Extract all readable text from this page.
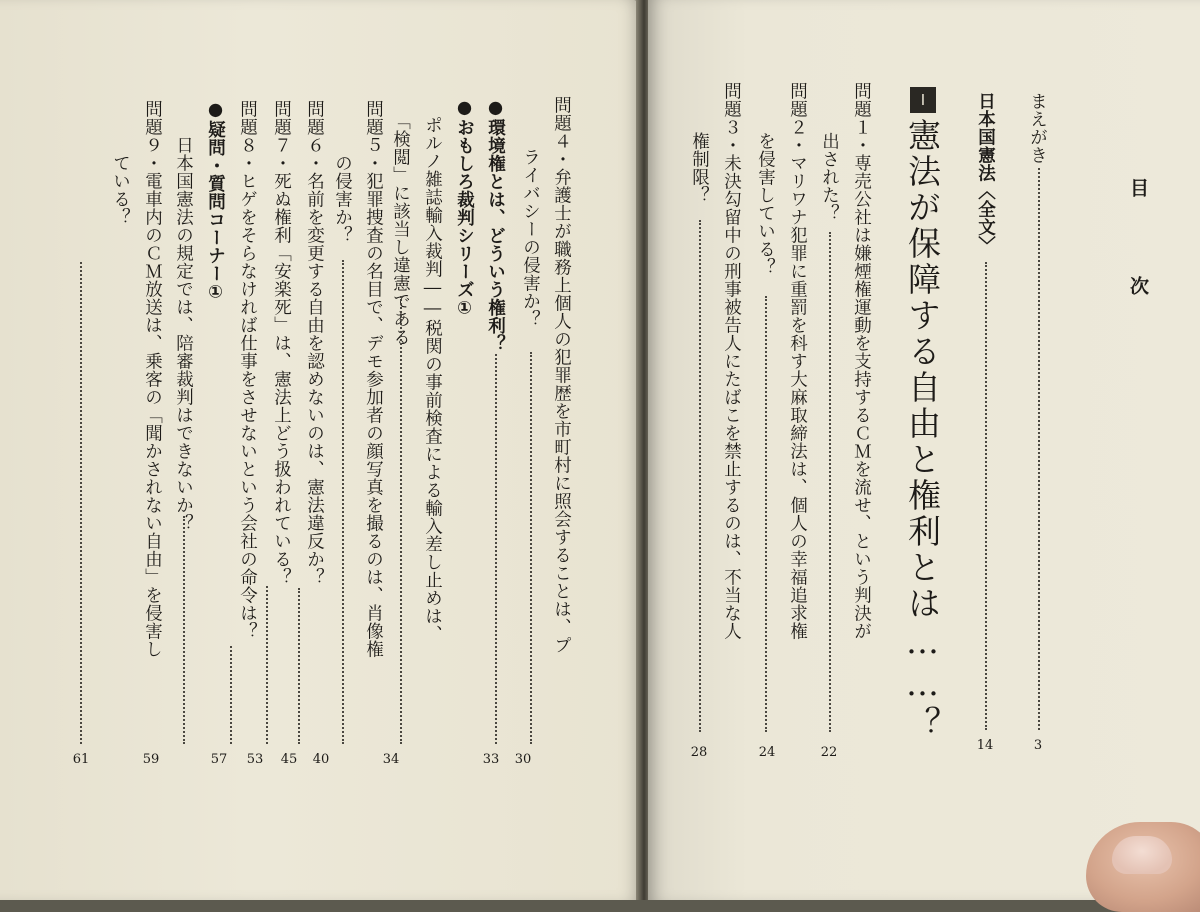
目　次
まえがき
3
日本国憲法〈全文〉
14
Ⅰ
憲法が保障する自由と権利とは……？
問題１・専売公社は嫌煙権運動を支持するＣＭを流せ、という判決が
出された？
22
問題２・マリワナ犯罪に重罰を科す大麻取締法は、個人の幸福追求権
を侵害している？
24
問題３・未決勾留中の刑事被告人にたばこを禁止するのは、不当な人
権制限？
28
問題４・弁護士が職務上個人の犯罪歴を市町村に照会することは、プ
ライバシーの侵害か？
30
●環境権とは、どういう権利？
33
●おもしろ裁判シリーズ①
ポルノ雑誌輸入裁判――税関の事前検査による輸入差し止めは、
「検閲」に該当し違憲である
34
問題５・犯罪捜査の名目で、デモ参加者の顔写真を撮るのは、肖像権
の侵害か？
40
問題６・名前を変更する自由を認めないのは、憲法違反か？
45
問題７・死ぬ権利「安楽死」は、憲法上どう扱われている？
53
問題８・ヒゲをそらなければ仕事をさせないという会社の命令は？
57
●疑問・質問コーナー①
日本国憲法の規定では、陪審裁判はできないか？
59
問題９・電車内のＣＭ放送は、乗客の「聞かされない自由」を侵害し
ている？
61
